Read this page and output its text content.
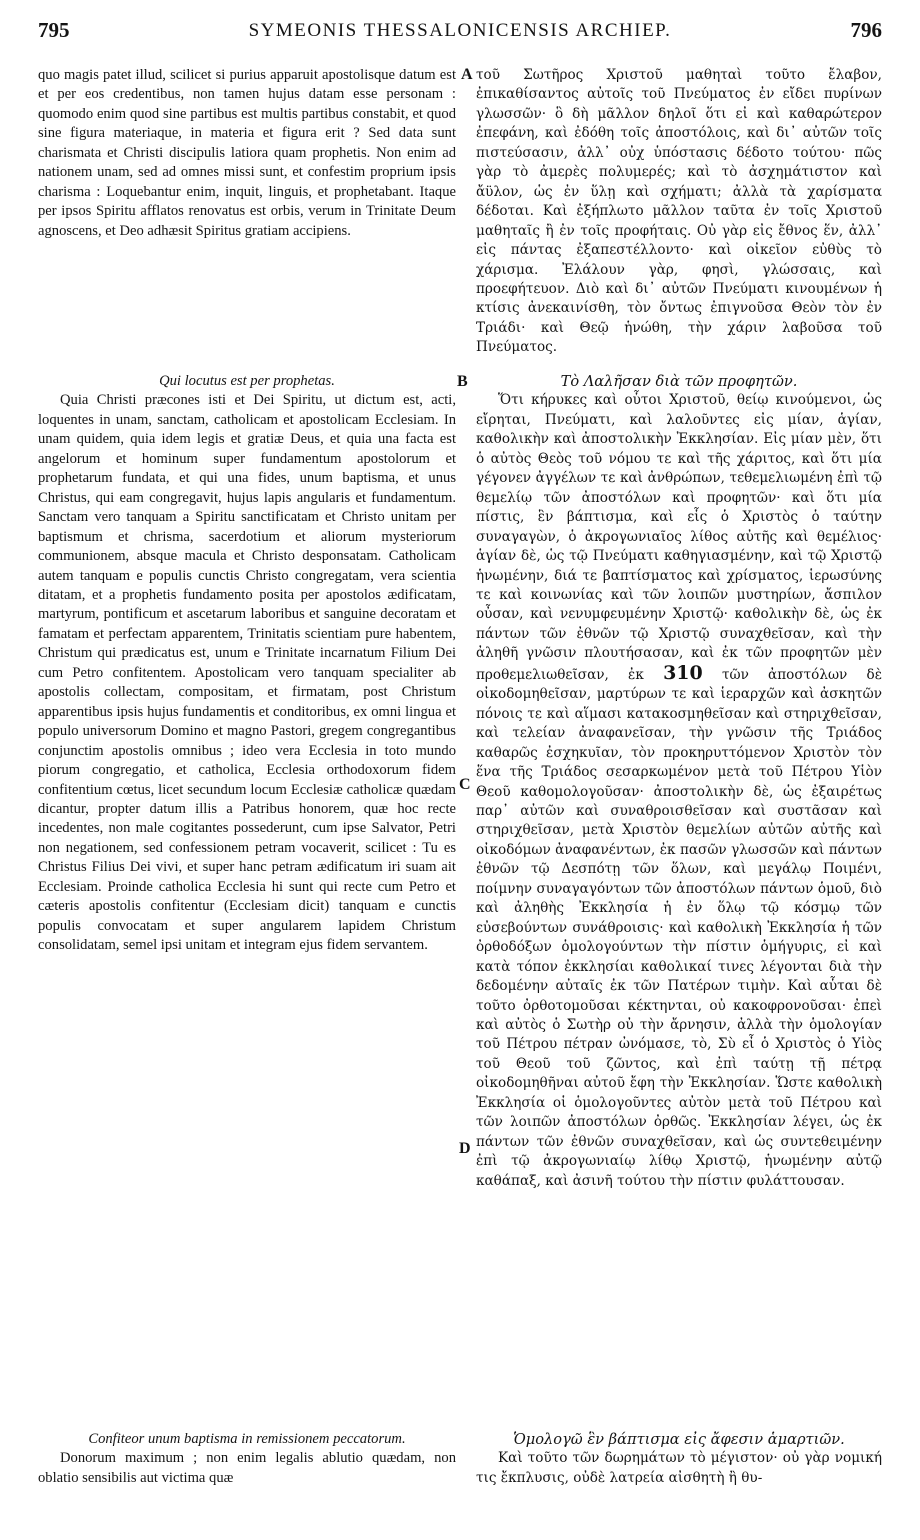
795	SYMEONIS THESSALONICENSIS ARCHIEP.	796
A
B
C
D

quo magis patet illud, scilicet si purius apparuit apostolisque datum est et per eos credentibus, non tamen hujus datam esse personam : quomodo enim quod sine partibus est multis partibus constabit, et quod sine figura materiaque, in materia et figura erit ? Sed data sunt charismata et Christi discipulis latiora quam prophetis. Non enim ad nationem unam, sed ad omnes missi sunt, et confestim proprium ipsis charisma : Loquebantur enim, inquit, linguis, et prophetabant. Itaque per ipsos Spiritu afflatos renovatus est orbis, verum in Trinitate Deum agnoscens, et Deo adhæsit Spiritus gratiam accipiens.

τοῦ Σωτῆρος Χριστοῦ μαθηταὶ τοῦτο ἔλαβον, ἐπικαθίσαντος αὐτοῖς τοῦ Πνεύματος ἐν εἴδει πυρίνων γλωσσῶν· ὃ δὴ μᾶλλον δηλοῖ ὅτι εἰ καὶ καθαρώτερον ἐπεφάνη, καὶ ἐδόθη τοῖς ἀποστόλοις, καὶ δι᾽ αὐτῶν τοῖς πιστεύσασιν, ἀλλ᾽ οὐχ ὑπόστασις δέδοτο τούτου· πῶς γὰρ τὸ ἀμερὲς πολυμερές; καὶ τὸ ἀσχημάτιστον καὶ ἄϋλον, ὡς ἐν ὕλῃ καὶ σχήματι; ἀλλὰ τὰ χαρίσματα δέδοται. Καὶ ἐξήπλωτο μᾶλλον ταῦτα ἐν τοῖς Χριστοῦ μαθηταῖς ἢ ἐν τοῖς προφήταις. Οὐ γὰρ εἰς ἔθνος ἕν, ἀλλ᾽ εἰς πάντας ἐξαπεστέλλοντο· καὶ οἰκεῖον εὐθὺς τὸ χάρισμα. Ἐλάλουν γὰρ, φησὶ, γλώσσαις, καὶ προεφήτευον. Διὸ καὶ δι᾽ αὐτῶν Πνεύματι κινουμένων ἡ κτίσις ἀνεκαινίσθη, τὸν ὄντως ἐπιγνοῦσα Θεὸν τὸν ἐν Τριάδι· καὶ Θεῷ ἡνώθη, τὴν χάριν λαβοῦσα τοῦ Πνεύματος.

Qui locutus est per prophetas.

Quia Christi præcones isti et Dei Spiritu, ut dictum est, acti, loquentes in unam, sanctam, catholicam et apostolicam Ecclesiam. In unam quidem, quia idem legis et gratiæ Deus, et quia una facta est angelorum et hominum super fundamentum apostolorum et prophetarum fundata, et qui una fides, unum baptisma, et unus Christus, qui eam congregavit, hujus lapis angularis et fundamentum. Sanctam vero tanquam a Spiritu sanctificatam et Christo unitam per baptismum et chrisma, sacerdotium et aliorum mysteriorum communionem, absque macula et Christo desponsatam. Catholicam autem tanquam e populis cunctis Christo congregatam, vera scientia ditatam, et a prophetis fundamento posita per apostolos ædificatam, martyrum, pontificum et ascetarum laboribus et sanguine decoratam et famatam et perfectam apparentem, Trinitatis scientiam pure habentem, Christum qui prædicatus est, unum e Trinitate incarnatum Filium Dei cum Petro confitentem. Apostolicam vero tanquam specialiter ab apostolis collectam, compositam, et firmatam, post Christum apparentibus ipsis hujus fundamentis et conditoribus, ex omni lingua et populo universorum Domino et magno Pastori, gregem congregantibus conjunctim apostolis omnibus ; ideo vera Ecclesia in toto mundo piorum congregatio, et catholica, Ecclesia orthodoxorum fidem confitentium cœtus, licet secundum locum Ecclesiæ catholicæ quædam dicantur, propter datum illis a Patribus honorem, quæ hoc recte incedentes, non male cogitantes possederunt, cum ipse Salvator, Petri non negationem, sed confessionem petram vocaverit, scilicet : Tu es Christus Filius Dei vivi, et super hanc petram ædificatum iri suam ait Ecclesiam. Proinde catholica Ecclesia hi sunt qui recte cum Petro et cæteris apostolis confitentur (Ecclesiam dicit) tanquam e cunctis populis convocatam et super angularem lapidem Christum consolidatam, semel ipsi unitam et integram ejus fidem servantem.

Τὸ Λαλῆσαν διὰ τῶν προφητῶν.

Ὅτι κήρυκες καὶ οὗτοι Χριστοῦ, θείῳ κινούμενοι, ὡς εἴρηται, Πνεύματι, καὶ λαλοῦντες εἰς μίαν, ἁγίαν, καθολικὴν καὶ ἀποστολικὴν Ἐκκλησίαν. Εἰς μίαν μὲν, ὅτι ὁ αὐτὸς Θεὸς τοῦ νόμου τε καὶ τῆς χάριτος, καὶ ὅτι μία γέγονεν ἀγγέλων τε καὶ ἀνθρώπων, τεθεμελιωμένη ἐπὶ τῷ θεμελίῳ τῶν ἀποστόλων καὶ προφητῶν· καὶ ὅτι μία πίστις, ἓν βάπτισμα, καὶ εἷς ὁ Χριστὸς ὁ ταύτην συναγαγὼν, ὁ ἀκρογωνιαῖος λίθος αὐτῆς καὶ θεμέλιος· ἁγίαν δὲ, ὡς τῷ Πνεύματι καθηγιασμένην, καὶ τῷ Χριστῷ ἡνωμένην, διά τε βαπτίσματος καὶ χρίσματος, ἱερωσύνης τε καὶ κοινωνίας καὶ τῶν λοιπῶν μυστηρίων, ἄσπιλον οὖσαν, καὶ νενυμφευμένην Χριστῷ· καθολικὴν δὲ, ὡς ἐκ πάντων τῶν ἐθνῶν τῷ Χριστῷ συναχθεῖσαν, καὶ τὴν ἀληθῆ γνῶσιν πλουτήσασαν, καὶ ἐκ τῶν προφητῶν μὲν προθεμελιωθεῖσαν, ἐκ 310 τῶν ἀποστόλων δὲ οἰκοδομηθεῖσαν, μαρτύρων τε καὶ ἱεραρχῶν καὶ ἀσκητῶν πόνοις τε καὶ αἵμασι κατακοσμηθεῖσαν καὶ στηριχθεῖσαν, καὶ τελείαν ἀναφανεῖσαν, τὴν γνῶσιν τῆς Τριάδος καθαρῶς ἐσχηκυῖαν, τὸν προκηρυττόμενον Χριστὸν τὸν ἕνα τῆς Τριάδος σεσαρκωμένον μετὰ τοῦ Πέτρου Υἱὸν Θεοῦ καθομολογοῦσαν· ἀποστολικὴν δὲ, ὡς ἐξαιρέτως παρ᾽ αὐτῶν καὶ συναθροισθεῖσαν καὶ συστᾶσαν καὶ στηριχθεῖσαν, μετὰ Χριστὸν θεμελίων αὐτῶν αὐτῆς καὶ οἰκοδόμων ἀναφανέντων, ἐκ πασῶν γλωσσῶν καὶ πάντων ἐθνῶν τῷ Δεσπότῃ τῶν ὅλων, καὶ μεγάλῳ Ποιμένι, ποίμνην συναγαγόντων τῶν ἀποστόλων πάντων ὁμοῦ, διὸ καὶ ἀληθὴς Ἐκκλησία ἡ ἐν ὅλῳ τῷ κόσμῳ τῶν εὐσεβούντων συνάθροισις· καὶ καθολικὴ Ἐκκλησία ἡ τῶν ὀρθοδόξων ὁμολογούντων τὴν πίστιν ὁμήγυρις, εἰ καὶ κατὰ τόπον ἐκκλησίαι καθολικαί τινες λέγονται διὰ τὴν δεδομένην αὐταῖς ἐκ τῶν Πατέρων τιμὴν. Καὶ αὗται δὲ τοῦτο ὀρθοτομοῦσαι κέκτηνται, οὐ κακοφρονοῦσαι· ἐπεὶ καὶ αὐτὸς ὁ Σωτὴρ οὐ τὴν ἄρνησιν, ἀλλὰ τὴν ὁμολογίαν τοῦ Πέτρου πέτραν ὠνόμασε, τὸ, Σὺ εἶ ὁ Χριστὸς ὁ Υἱὸς τοῦ Θεοῦ τοῦ ζῶντος, καὶ ἐπὶ ταύτῃ τῇ πέτρᾳ οἰκοδομηθῆναι αὐτοῦ ἔφη τὴν Ἐκκλησίαν. Ὥστε καθολικὴ Ἐκκλησία οἱ ὁμολογοῦντες αὐτὸν μετὰ τοῦ Πέτρου καὶ τῶν λοιπῶν ἀποστόλων ὀρθῶς. Ἐκκλησίαν λέγει, ὡς ἐκ πάντων τῶν ἐθνῶν συναχθεῖσαν, καὶ ὡς συντεθειμένην ἐπὶ τῷ ἀκρογωνιαίῳ λίθῳ Χριστῷ, ἡνωμένην αὐτῷ καθάπαξ, καὶ ἀσινῆ τούτου τὴν πίστιν φυλάττουσαν.

Confiteor unum baptisma in remissionem peccatorum.

Donorum maximum ; non enim legalis ablutio quædam, non oblatio sensibilis aut victima quæ

Ὁμολογῶ ἓν βάπτισμα εἰς ἄφεσιν ἁμαρτιῶν.

Καὶ τοῦτο τῶν δωρημάτων τὸ μέγιστον· οὐ γὰρ νομική τις ἔκπλυσις, οὐδὲ λατρεία αἰσθητὴ ἢ θυ-
